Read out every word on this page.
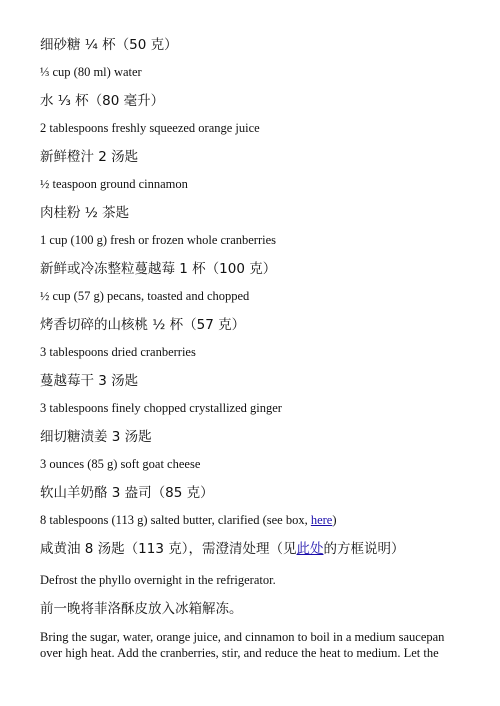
细砂糖 ¼ 杯（50 克）
⅓ cup (80 ml) water
水 ⅓ 杯（80 毫升）
2 tablespoons freshly squeezed orange juice
新鲜橙汁 2 汤匙
½ teaspoon ground cinnamon
肉桂粉 ½ 茶匙
1 cup (100 g) fresh or frozen whole cranberries
新鲜或冷冻整粒蔓越莓 1 杯（100 克）
½ cup (57 g) pecans, toasted and chopped
烤香切碎的山核桃 ½ 杯（57 克）
3 tablespoons dried cranberries
蔓越莓干 3 汤匙
3 tablespoons finely chopped crystallized ginger
细切糖渍姜 3 汤匙
3 ounces (85 g) soft goat cheese
软山羊奶酪 3 盎司（85 克）
8 tablespoons (113 g) salted butter, clarified (see box, here)
咸黄油 8 汤匙（113 克），需澄清处理（见此处的方框说明）
Defrost the phyllo overnight in the refrigerator.
前一晚将菲洛酥皮放入冰箱解冻。
Bring the sugar, water, orange juice, and cinnamon to boil in a medium saucepan over high heat. Add the cranberries, stir, and reduce the heat to medium. Let the
